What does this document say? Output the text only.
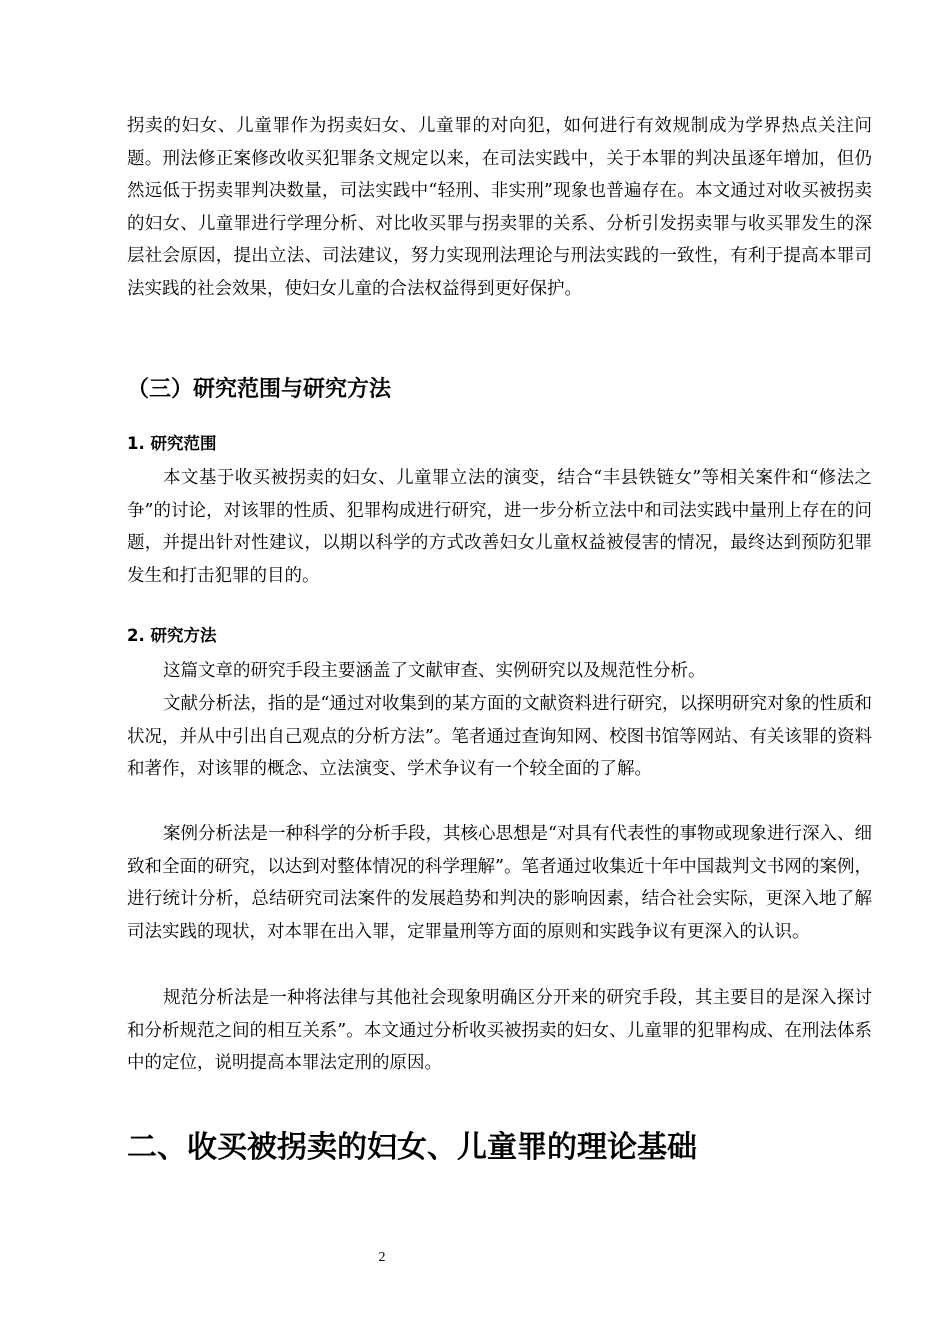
拐卖的妇女、儿童罪作为拐卖妇女、儿童罪的对向犯，如何进行有效规制成为学界热点关注问题。刑法修正案修改收买犯罪条文规定以来，在司法实践中，关于本罪的判决虽逐年增加，但仍然远低于拐卖罪判决数量，司法实践中“轻刑、非实刑”现象也普遍存在。本文通过对收买被拐卖的妇女、儿童罪进行学理分析、对比收买罪与拐卖罪的关系、分析引发拐卖罪与收买罪发生的深层社会原因，提出立法、司法建议，努力实现刑法理论与刑法实践的一致性，有利于提高本罪司法实践的社会效果，使妇女儿童的合法权益得到更好保护。

（三）研究范围与研究方法
1. 研究范围

本文基于收买被拐卖的妇女、儿童罪立法的演变，结合“丰县铁链女”等相关案件和“修法之争”的讨论，对该罪的性质、犯罪构成进行研究，进一步分析立法中和司法实践中量刑上存在的问题，并提出针对性建议，以期以科学的方式改善妇女儿童权益被侵害的情况，最终达到预防犯罪发生和打击犯罪的目的。

2. 研究方法

这篇文章的研究手段主要涵盖了文献审查、实例研究以及规范性分析。

文献分析法，指的是“通过对收集到的某方面的文献资料进行研究，以探明研究对象的性质和状况，并从中引出自己观点的分析方法”。笔者通过查询知网、校图书馆等网站、有关该罪的资料和著作，对该罪的概念、立法演变、学术争议有一个较全面的了解。

案例分析法是一种科学的分析手段，其核心思想是“对具有代表性的事物或现象进行深入、细致和全面的研究，以达到对整体情况的科学理解”。笔者通过收集近十年中国裁判文书网的案例，进行统计分析，总结研究司法案件的发展趋势和判决的影响因素，结合社会实际，更深入地了解司法实践的现状，对本罪在出入罪，定罪量刑等方面的原则和实践争议有更深入的认识。

规范分析法是一种将法律与其他社会现象明确区分开来的研究手段，其主要目的是深入探讨和分析规范之间的相互关系”。本文通过分析收买被拐卖的妇女、儿童罪的犯罪构成、在刑法体系中的定位，说明提高本罪法定刑的原因。

二、收买被拐卖的妇女、儿童罪的理论基础
2
